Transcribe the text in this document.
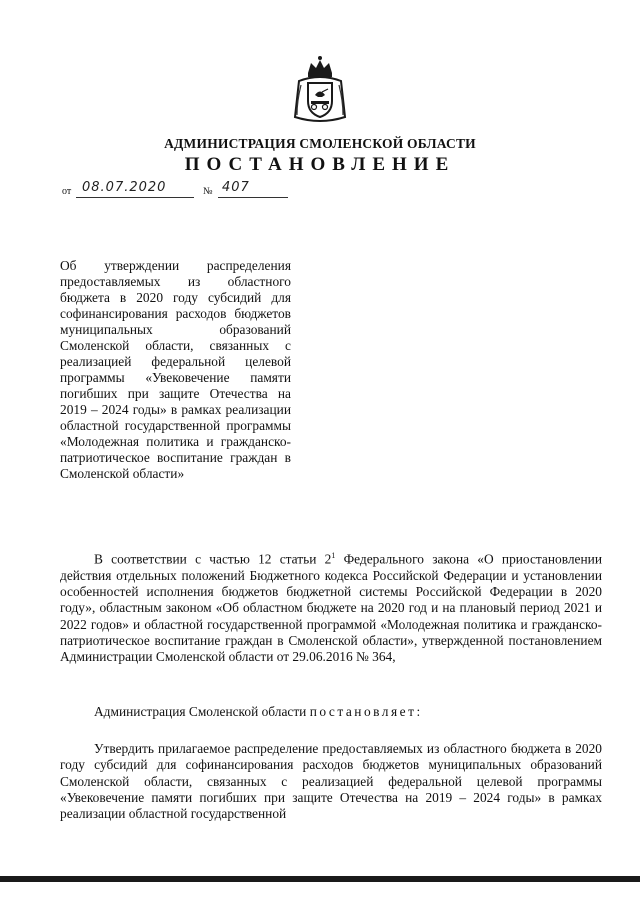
АДМИНИСТРАЦИЯ СМОЛЕНСКОЙ ОБЛАСТИ
ПОСТАНОВЛЕНИЕ
от 08.07.2020	№ 407
Об утверждении распределения предоставляемых из областного бюджета в 2020 году субсидий для софинансирования расходов бюджетов муниципальных образований Смоленской области, связанных с реализацией федеральной целевой программы «Увековечение памяти погибших при защите Отечества на 2019 – 2024 годы» в рамках реализации областной государственной программы «Молодежная политика и гражданско-патриотическое воспитание граждан в Смоленской области»
В соответствии с частью 12 статьи $2^1$ Федерального закона «О приостановлении действия отдельных положений Бюджетного кодекса Российской Федерации и установлении особенностей исполнения бюджетов бюджетной системы Российской Федерации в 2020 году», областным законом «Об областном бюджете на 2020 год и на плановый период 2021 и 2022 годов» и областной государственной программой «Молодежная политика и гражданско-патриотическое воспитание граждан в Смоленской области», утвержденной постановлением Администрации Смоленской области от 29.06.2016 № 364,
Администрация Смоленской области постановляет:
Утвердить прилагаемое распределение предоставляемых из областного бюджета в 2020 году субсидий для софинансирования расходов бюджетов муниципальных образований Смоленской области, связанных с реализацией федеральной целевой программы «Увековечение памяти погибших при защите Отечества на 2019 – 2024 годы» в рамках реализации областной государственной
